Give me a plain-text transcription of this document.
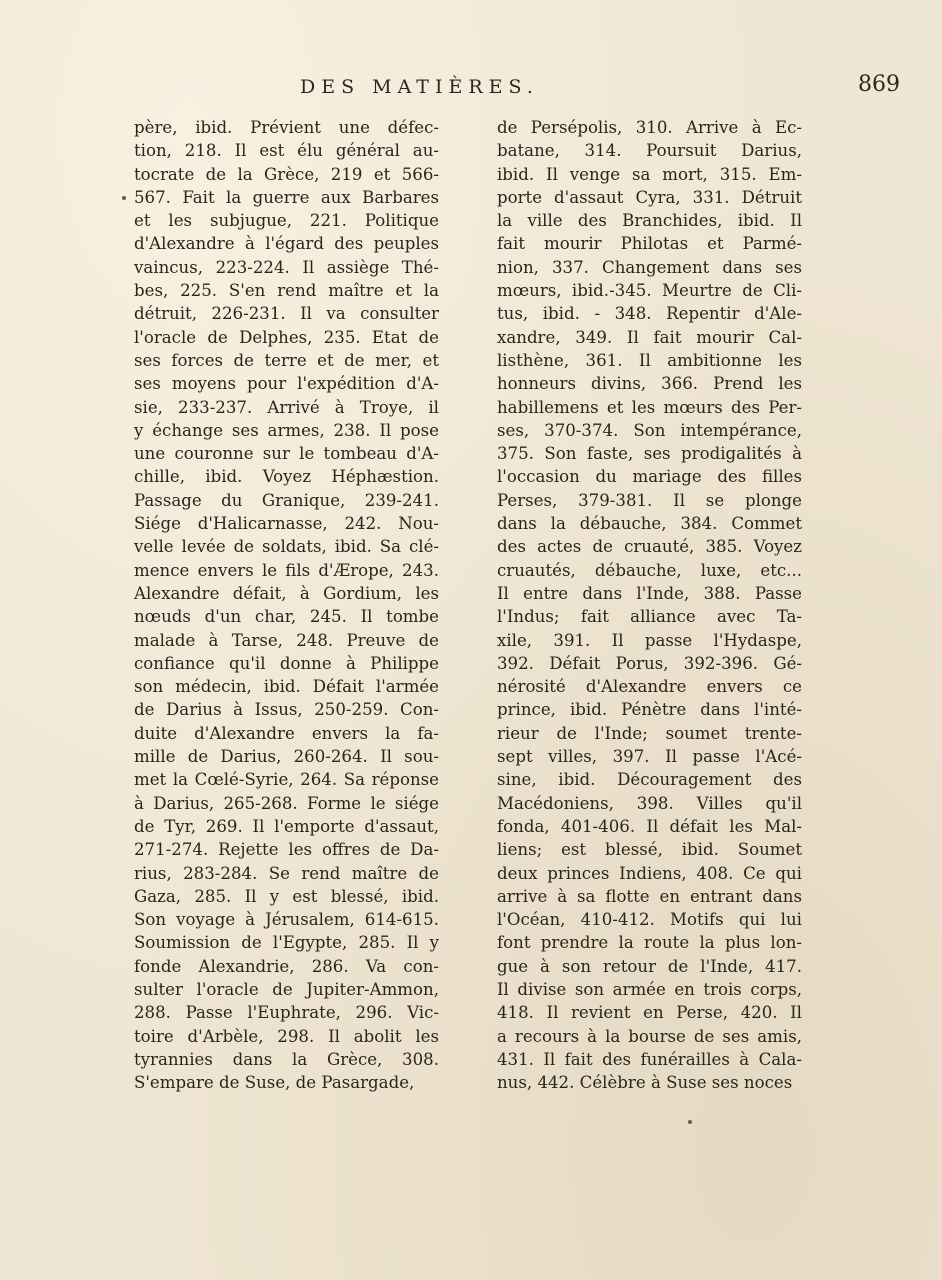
DES MATIÈRES.	869
père, ibid. Prévient une défec-
tion, 218. Il est élu général au-
tocrate de la Grèce, 219 et 566-
567. Fait la guerre aux Barbares
et les subjugue, 221. Politique
d'Alexandre à l'égard des peuples
vaincus, 223-224. Il assiège Thé-
bes, 225. S'en rend maître et la
détruit, 226-231. Il va consulter
l'oracle de Delphes, 235. Etat de
ses forces de terre et de mer, et
ses moyens pour l'expédition d'A-
sie, 233-237. Arrivé à Troye, il
y échange ses armes, 238. Il pose
une couronne sur le tombeau d'A-
chille, ibid. Voyez Héphæstion.
Passage du Granique, 239-241.
Siége d'Halicarnasse, 242. Nou-
velle levée de soldats, ibid. Sa clé-
mence envers le fils d'Ærope, 243.
Alexandre défait, à Gordium, les
nœuds d'un char, 245. Il tombe
malade à Tarse, 248. Preuve de
confiance qu'il donne à Philippe
son médecin, ibid. Défait l'armée
de Darius à Issus, 250-259. Con-
duite d'Alexandre envers la fa-
mille de Darius, 260-264. Il sou-
met la Cœlé-Syrie, 264. Sa réponse
à Darius, 265-268. Forme le siége
de Tyr, 269. Il l'emporte d'assaut,
271-274. Rejette les offres de Da-
rius, 283-284. Se rend maître de
Gaza, 285. Il y est blessé, ibid.
Son voyage à Jérusalem, 614-615.
Soumission de l'Egypte, 285. Il y
fonde Alexandrie, 286. Va con-
sulter l'oracle de Jupiter-Ammon,
288. Passe l'Euphrate, 296. Vic-
toire d'Arbèle, 298. Il abolit les
tyrannies dans la Grèce, 308.
S'empare de Suse, de Pasargade,
de Persépolis, 310. Arrive à Ec-
batane, 314. Poursuit Darius,
ibid. Il venge sa mort, 315. Em-
porte d'assaut Cyra, 331. Détruit
la ville des Branchides, ibid. Il
fait mourir Philotas et Parmé-
nion, 337. Changement dans ses
mœurs, ibid.-345. Meurtre de Cli-
tus, ibid. - 348. Repentir d'Ale-
xandre, 349. Il fait mourir Cal-
listhène, 361. Il ambitionne les
honneurs divins, 366. Prend les
habillemens et les mœurs des Per-
ses, 370-374. Son intempérance,
375. Son faste, ses prodigalités à
l'occasion du mariage des filles
Perses, 379-381. Il se plonge
dans la débauche, 384. Commet
des actes de cruauté, 385. Voyez
cruautés, débauche, luxe, etc...
Il entre dans l'Inde, 388. Passe
l'Indus; fait alliance avec Ta-
xile, 391. Il passe l'Hydaspe,
392. Défait Porus, 392-396. Gé-
nérosité d'Alexandre envers ce
prince, ibid. Pénètre dans l'inté-
rieur de l'Inde; soumet trente-
sept villes, 397. Il passe l'Acé-
sine, ibid. Découragement des
Macédoniens, 398. Villes qu'il
fonda, 401-406. Il défait les Mal-
liens; est blessé, ibid. Soumet
deux princes Indiens, 408. Ce qui
arrive à sa flotte en entrant dans
l'Océan, 410-412. Motifs qui lui
font prendre la route la plus lon-
gue à son retour de l'Inde, 417.
Il divise son armée en trois corps,
418. Il revient en Perse, 420. Il
a recours à la bourse de ses amis,
431. Il fait des funérailles à Cala-
nus, 442. Célèbre à Suse ses noces
